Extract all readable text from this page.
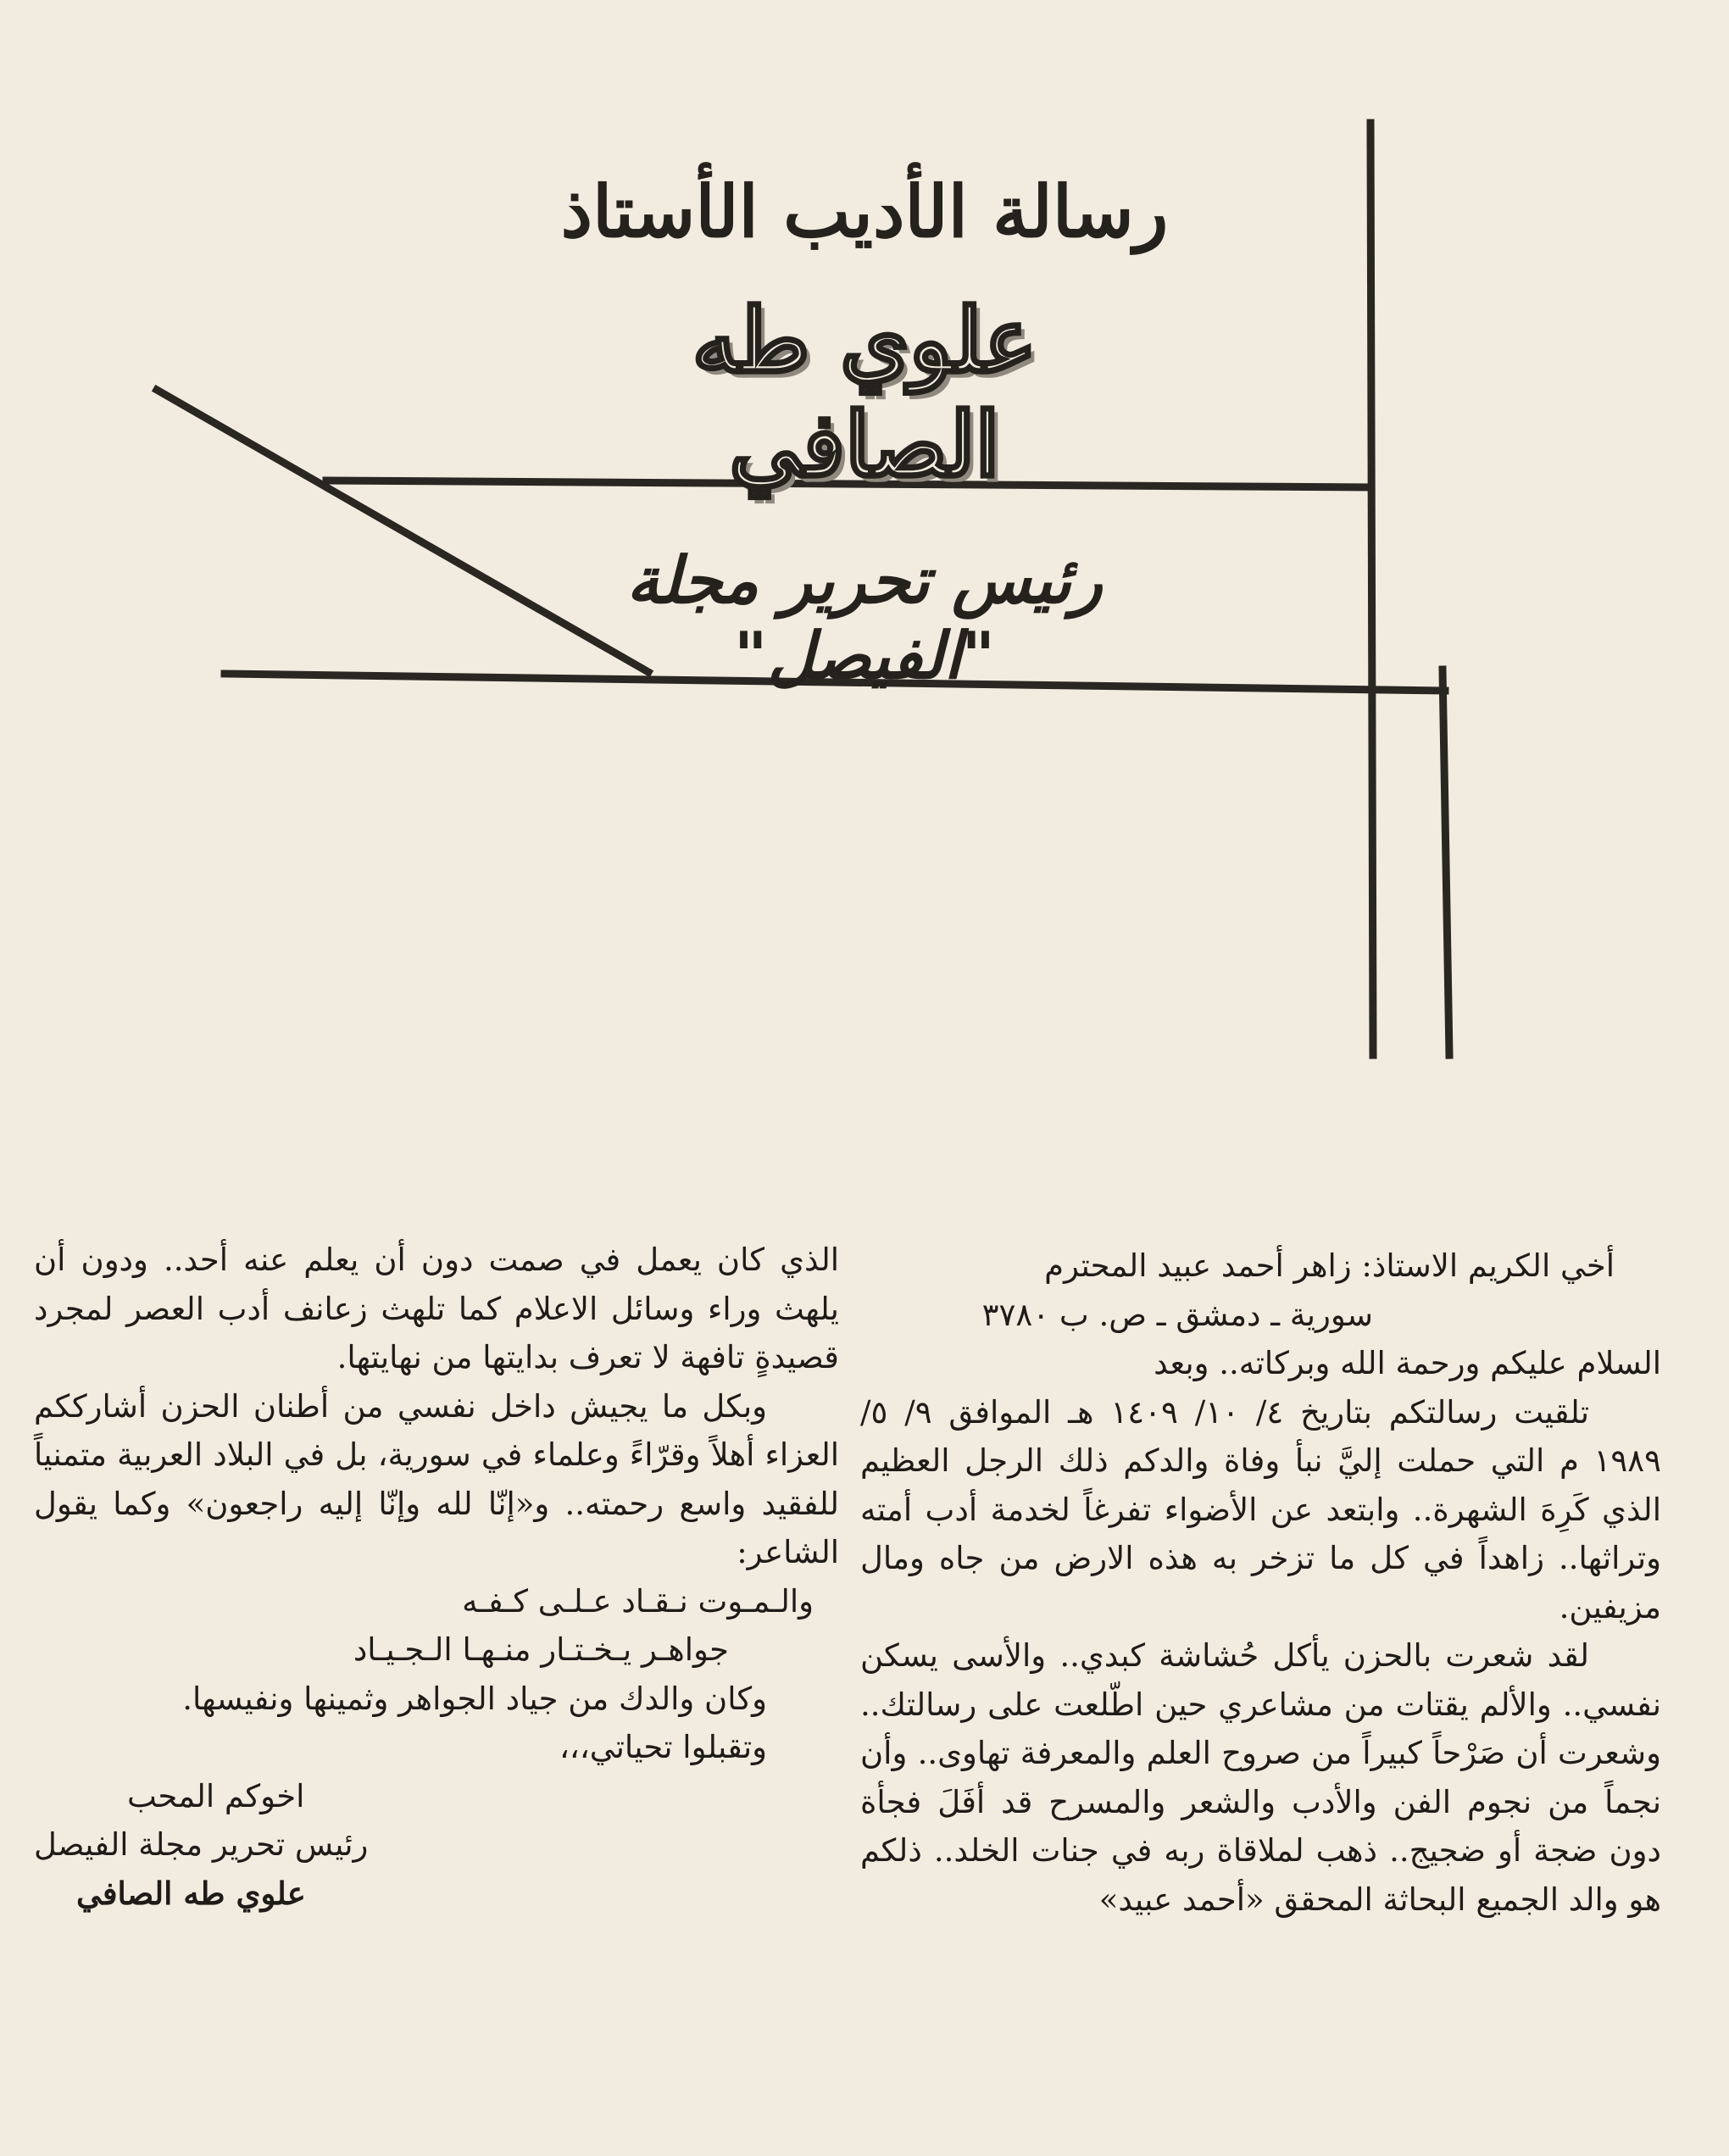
رسالة الأديب الأستاذ
علوي طه الصافي
رئيس تحرير مجلة "الفيصل"

أخي الكريم الاستاذ: زاهر أحمد عبيد المحترم

سورية ـ دمشق ـ ص. ب ٣٧٨٠

السلام عليكم ورحمة الله وبركاته.. وبعد

تلقيت رسالتكم بتاريخ ٤/ ١٠/ ١٤٠٩ هـ الموافق ٩/ ٥/ ١٩٨٩ م التي حملت إليَّ نبأ وفاة والدكم ذلك الرجل العظيم الذي كَرِهَ الشهرة.. وابتعد عن الأضواء تفرغاً لخدمة أدب أمته وتراثها.. زاهداً في كل ما تزخر به هذه الارض من جاه ومال مزيفين.

لقد شعرت بالحزن يأكل حُشاشة كبدي.. والأسى يسكن نفسي.. والألم يقتات من مشاعري حين اطّلعت على رسالتك.. وشعرت أن صَرْحاً كبيراً من صروح العلم والمعرفة تهاوى.. وأن نجماً من نجوم الفن والأدب والشعر والمسرح قد أفَلَ فجأة دون ضجة أو ضجيج.. ذهب لملاقاة ربه في جنات الخلد.. ذلكم هو والد الجميع البحاثة المحقق «أحمد عبيد»

الذي كان يعمل في صمت دون أن يعلم عنه أحد.. ودون أن يلهث وراء وسائل الاعلام كما تلهث زعانف أدب العصر لمجرد قصيدةٍ تافهة لا تعرف بدايتها من نهايتها.

وبكل ما يجيش داخل نفسي من أطنان الحزن أشارككم العزاء أهلاً وقرّاءً وعلماء في سورية، بل في البلاد العربية متمنياً للفقيد واسع رحمته.. و«إنّا لله وإنّا إليه راجعون» وكما يقول الشاعر:

والـمـوت نـقـاد عـلـى كـفـه

جواهـر يـخـتـار منـهـا الـجـيـاد

وكان والدك من جياد الجواهر وثمينها ونفيسها.

وتقبلوا تحياتي،،،

اخوكم المحب

رئيس تحرير مجلة الفيصل

علوي طه الصافي
